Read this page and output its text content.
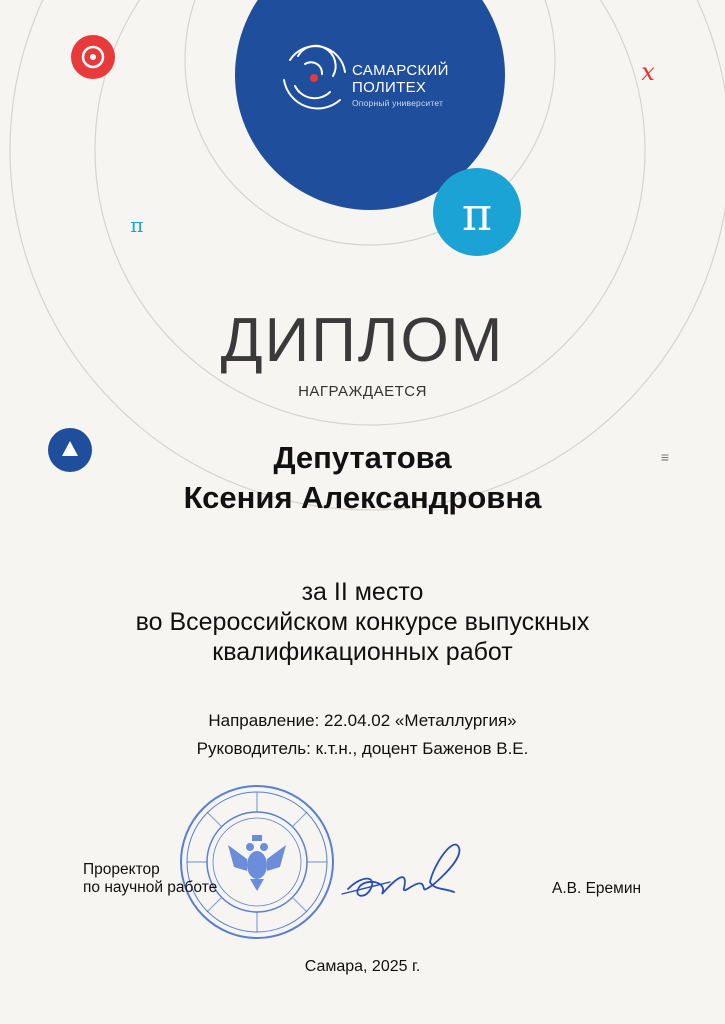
π
x
π
≡
САМАРСКИЙ
ПОЛИТЕХ
Опорный университет
ДИПЛОМ
НАГРАЖДАЕТСЯ
Депутатова
Ксения Александровна
за II место
во Всероссийском конкурсе выпускных
квалификационных работ
Направление: 22.04.02 «Металлургия»
Руководитель: к.т.н., доцент Баженов В.Е.
Проректор
по научной работе	А.В. Еремин
Самара, 2025 г.
